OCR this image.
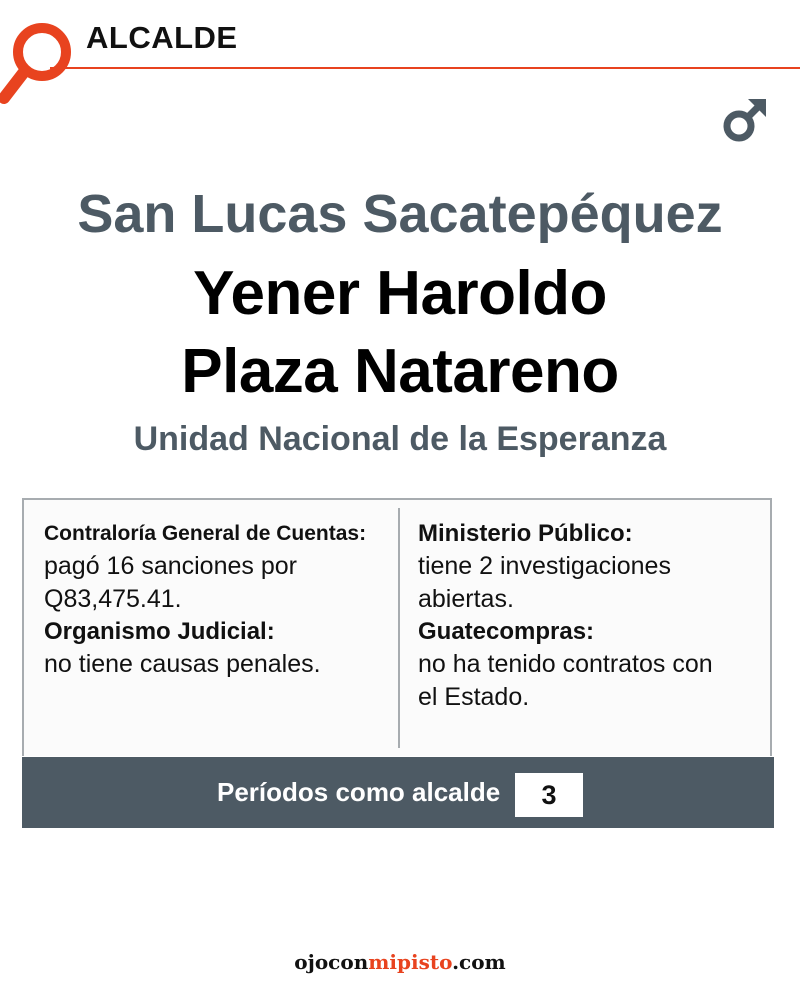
ALCALDE
San Lucas Sacatepéquez
Yener Haroldo
Plaza Natareno
Unidad Nacional de la Esperanza
Contraloría General de Cuentas:
pagó 16 sanciones por
Q83,475.41.
Organismo Judicial:
no tiene causas penales.
Ministerio Público:
tiene 2 investigaciones
abiertas.
Guatecompras:
no ha tenido contratos con
el Estado.
Períodos como alcalde	3
ojoconmipisto.com
